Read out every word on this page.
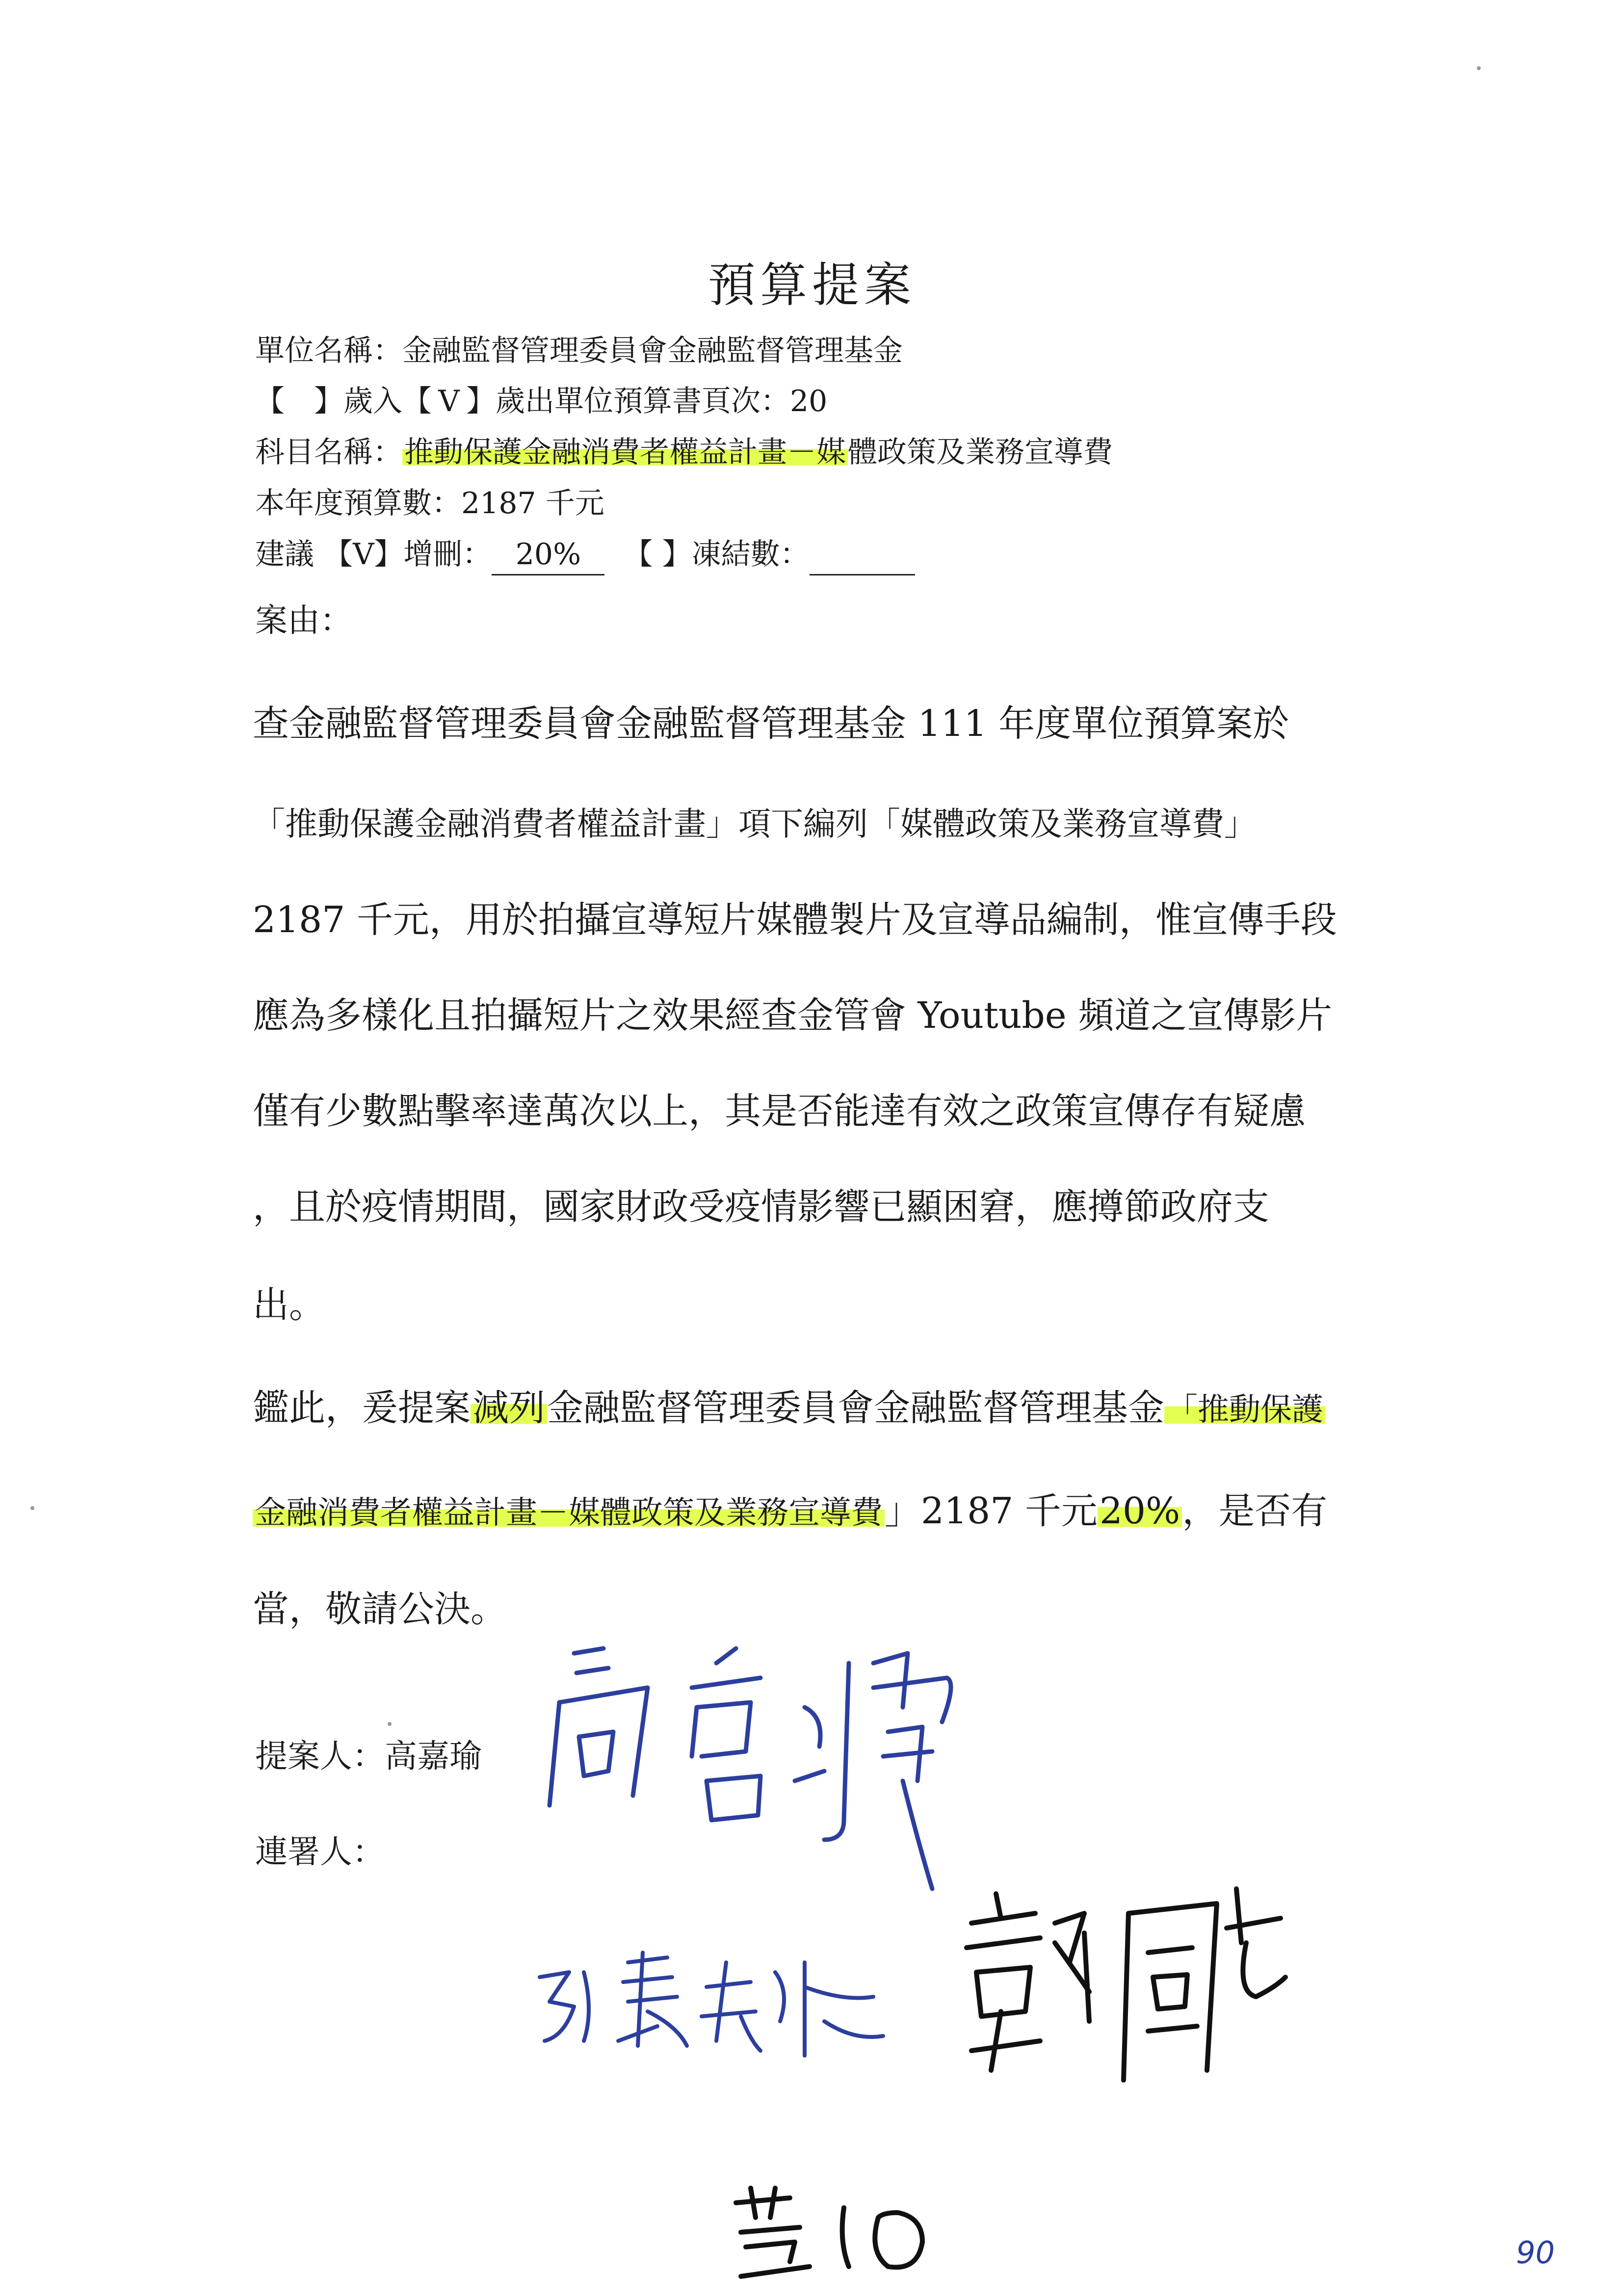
預算提案
單位名稱：金融監督管理委員會金融監督管理基金
【 】歲入【 V 】歲出單位預算書頁次：20
科目名稱：推動保護金融消費者權益計畫－媒體政策及業務宣導費
本年度預算數：2187 千元
建議 【V】增刪： 20% 【 】凍結數：
案由：
查金融監督管理委員會金融監督管理基金 111 年度單位預算案於
「推動保護金融消費者權益計畫」項下編列「媒體政策及業務宣導費」
2187 千元，用於拍攝宣導短片媒體製片及宣導品編制，惟宣傳手段
應為多樣化且拍攝短片之效果經查金管會 Youtube 頻道之宣傳影片
僅有少數點擊率達萬次以上，其是否能達有效之政策宣傳存有疑慮
，且於疫情期間，國家財政受疫情影響已顯困窘，應撙節政府支
出。
鑑此，爰提案減列金融監督管理委員會金融監督管理基金「推動保護
金融消費者權益計畫－媒體政策及業務宣導費」2187 千元20%，是否有
當，敬請公決。
提案人：高嘉瑜
連署人：
90
